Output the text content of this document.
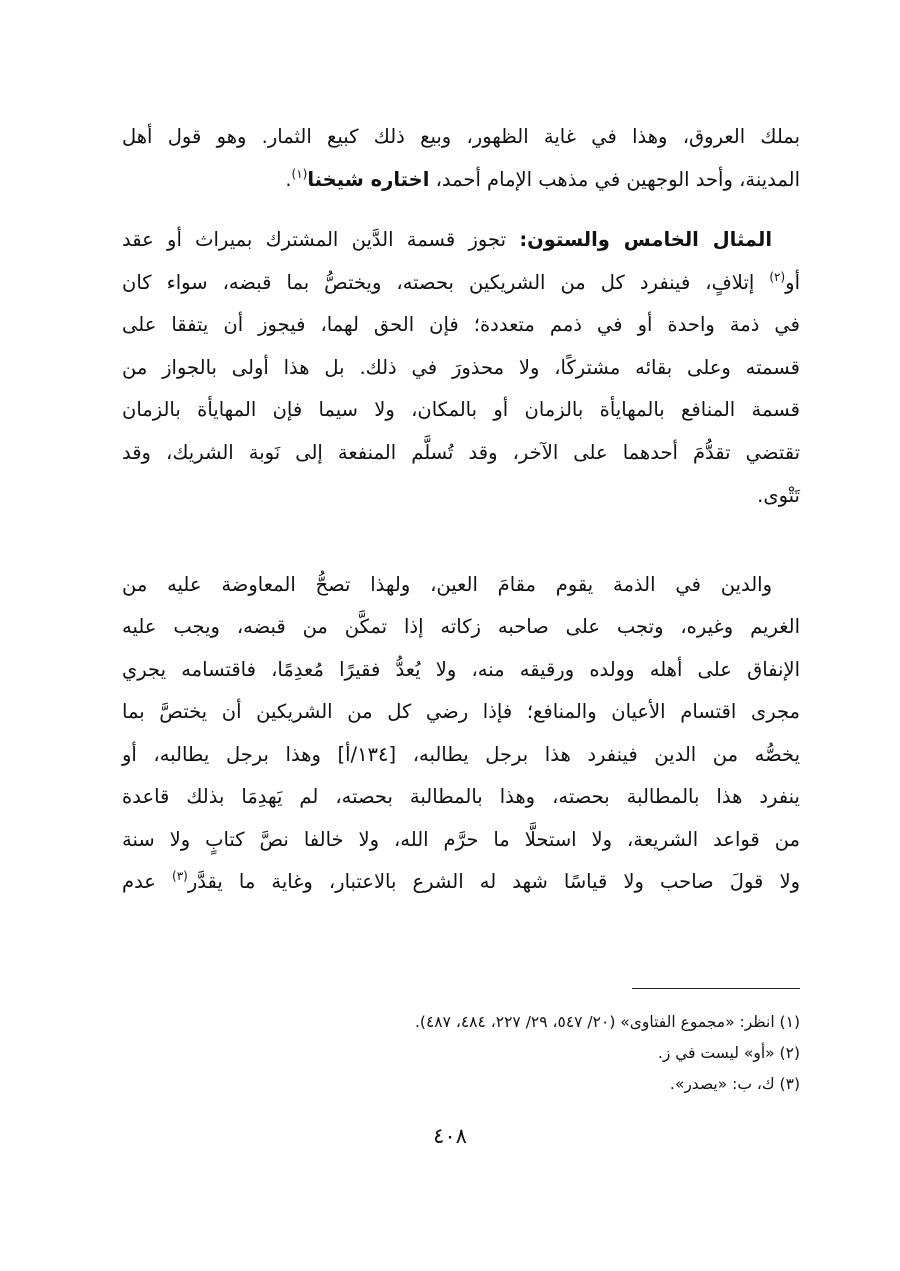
بملك العروق، وهذا في غاية الظهور، وبيع ذلك كبيع الثمار. وهو قول أهل
المدينة، وأحد الوجهين في مذهب الإمام أحمد، اختاره شيخنا$^{(١)}$.
المثال الخامس والستون: تجوز قسمة الدَّين المشترك بميراث أو عقد
أو$^{(٢)}$ إتلافٍ، فينفرد كل من الشريكين بحصته، ويختصُّ بما قبضه، سواء كان
في ذمة واحدة أو في ذمم متعددة؛ فإن الحق لهما، فيجوز أن يتفقا على
قسمته وعلى بقائه مشتركًا، ولا محذورَ في ذلك. بل هذا أولى بالجواز من
قسمة المنافع بالمهايأة بالزمان أو بالمكان، ولا سيما فإن المهايأة بالزمان
تقتضي تقدُّمَ أحدهما على الآخر، وقد تُسلَّم المنفعة إلى نَوبة الشريك، وقد
تَتْوى.
والدين في الذمة يقوم مقامَ العين، ولهذا تصحُّ المعاوضة عليه من
الغريم وغيره، وتجب على صاحبه زكاته إذا تمكَّن من قبضه، ويجب عليه
الإنفاق على أهله وولده ورقيقه منه، ولا يُعدُّ فقيرًا مُعدِمًا، فاقتسامه يجري
مجرى اقتسام الأعيان والمنافع؛ فإذا رضي كل من الشريكين أن يختصَّ بما
يخصُّه من الدين فينفرد هذا برجل يطالبه، [١٣٤/أ] وهذا برجل يطالبه، أو
ينفرد هذا بالمطالبة بحصته، وهذا بالمطالبة بحصته، لم يَهدِمَا بذلك قاعدة
من قواعد الشريعة، ولا استحلَّا ما حرَّم الله، ولا خالفا نصَّ كتابٍ ولا سنة
ولا قولَ صاحب ولا قياسًا شهد له الشرع بالاعتبار، وغاية ما يقدَّر$^{(٣)}$ عدم
(١) انظر: «مجموع الفتاوى» (٢٠/ ٥٤٧، ٢٩/ ٢٢٧، ٤٨٤، ٤٨٧).
(٢) «أو» ليست في ز.
(٣) ك، ب: «يصدر».
٤٠٨
